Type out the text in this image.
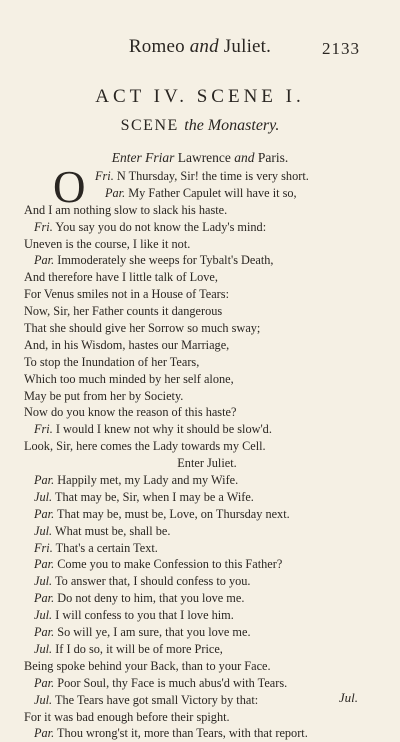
Romeo and Juliet.	2133
ACT IV. SCENE I.
SCENE the Monastery.
Enter Friar Lawrence and Paris.
O Fri. N Thursday, Sir! the time is very short.
Par. My Father Capulet will have it so,
And I am nothing slow to slack his haste.
Fri. You say you do not know the Lady's mind:
Uneven is the course, I like it not.
Par. Immoderately she weeps for Tybalt's Death,
And therefore have I little talk of Love,
For Venus smiles not in a House of Tears:
Now, Sir, her Father counts it dangerous
That she should give her Sorrow so much sway;
And, in his Wisdom, hastes our Marriage,
To stop the Inundation of her Tears,
Which too much minded by her self alone,
May be put from her by Society.
Now do you know the reason of this haste?
Fri. I would I knew not why it should be slow'd.
Look, Sir, here comes the Lady towards my Cell.
Enter Juliet.
Par. Happily met, my Lady and my Wife.
Jul. That may be, Sir, when I may be a Wife.
Par. That may be, must be, Love, on Thursday next.
Jul. What must be, shall be.
Fri. That's a certain Text.
Par. Come you to make Confession to this Father?
Jul. To answer that, I should confess to you.
Par. Do not deny to him, that you love me.
Jul. I will confess to you that I love him.
Par. So will ye, I am sure, that you love me.
Jul. If I do so, it will be of more Price,
Being spoke behind your Back, than to your Face.
Par. Poor Soul, thy Face is much abus'd with Tears.
Jul. The Tears have got small Victory by that:
For it was bad enough before their spight.
Par. Thou wrong'st it, more than Tears, with that report.
Jul.
